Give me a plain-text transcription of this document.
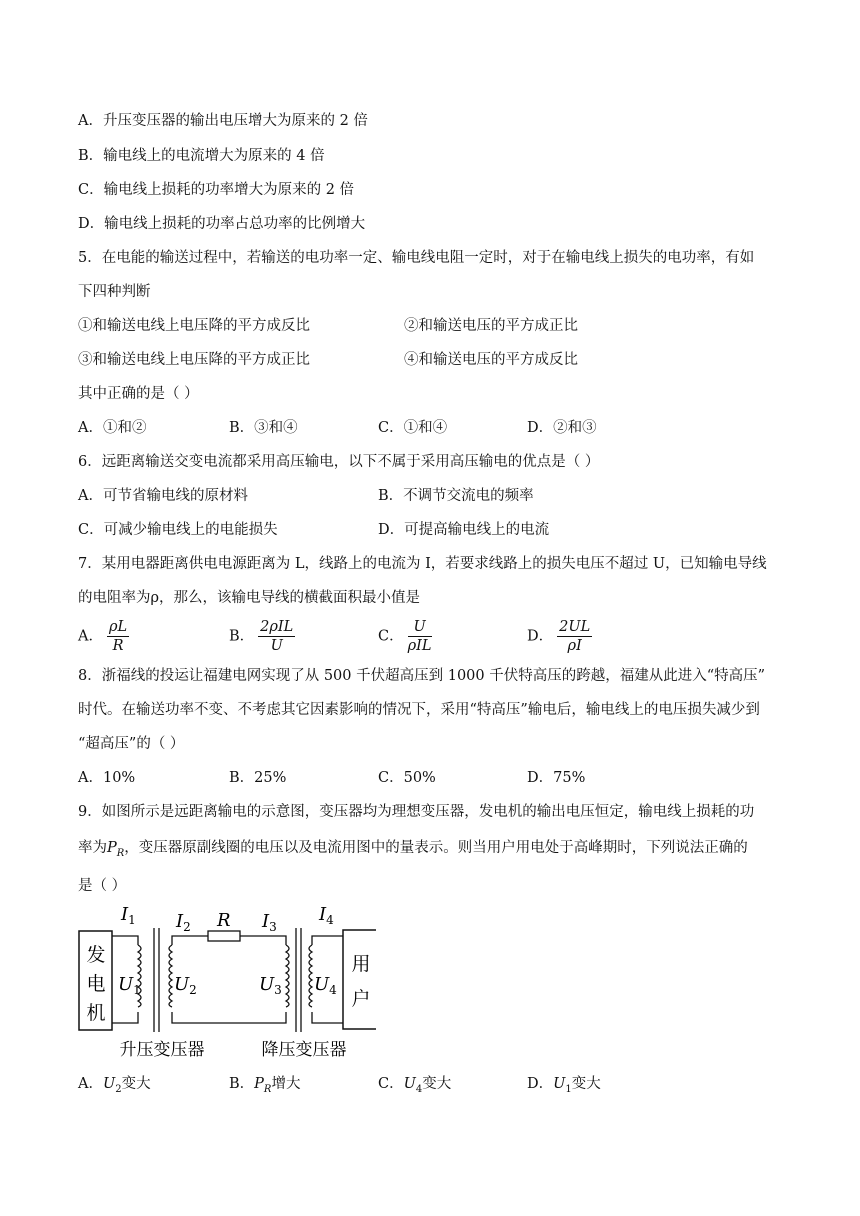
A．升压变压器的输出电压增大为原来的 2 倍
B．输电线上的电流增大为原来的 4 倍
C．输电线上损耗的功率增大为原来的 2 倍
D．输电线上损耗的功率占总功率的比例增大
5．在电能的输送过程中，若输送的电功率一定、输电线电阻一定时，对于在输电线上损失的电功率，有如
下四种判断
①和输送电线上电压降的平方成反比	②和输送电压的平方成正比
③和输送电线上电压降的平方成正比	④和输送电压的平方成反比
其中正确的是（ ）
A．①和②	B．③和④	C．①和④	D．②和③
6．远距离输送交变电流都采用高压输电，以下不属于采用高压输电的优点是（ ）
A．可节省输电线的原材料	B．不调节交流电的频率
C．可减少输电线上的电能损失	D．可提高输电线上的电流
7．某用电器距离供电电源距离为 L，线路上的电流为 I，若要求线路上的损失电压不超过 U，已知输电导线
的电阻率为ρ，那么，该输电导线的横截面积最小值是
A． $\frac{\rho L}{R}$	B． $\frac{\text{2ρIL}}{U}$	C． $\frac{U}{\text{ρIL}}$	D． $\frac{2UL}{\rho I}$
8．浙福线的投运让福建电网实现了从 500 千伏超高压到 1000 千伏特高压的跨越，福建从此进入“特高压”
时代。在输送功率不变、不考虑其它因素影响的情况下，采用“特高压”输电后，输电线上的电压损失减少到
“超高压”的（ ）
A．10%	B．25%	C．50%	D．75%
9．如图所示是远距离输电的示意图，变压器均为理想变压器，发电机的输出电压恒定，输电线上损耗的功
率为$P_R$，变压器原副线圈的电压以及电流用图中的量表示。则当用户用电处于高峰期时，下列说法正确的
是（ ）
发
电
机
用
户
$I_1$ $I_2$ R $I_3$
$I_4$
$U_1$ $U_2$	$U_3$ $U_4$
升压变压器	降压变压器
A．$U_2$变大	B．$P_R$增大	C．$U_4$变大	D．$U_1$变大
